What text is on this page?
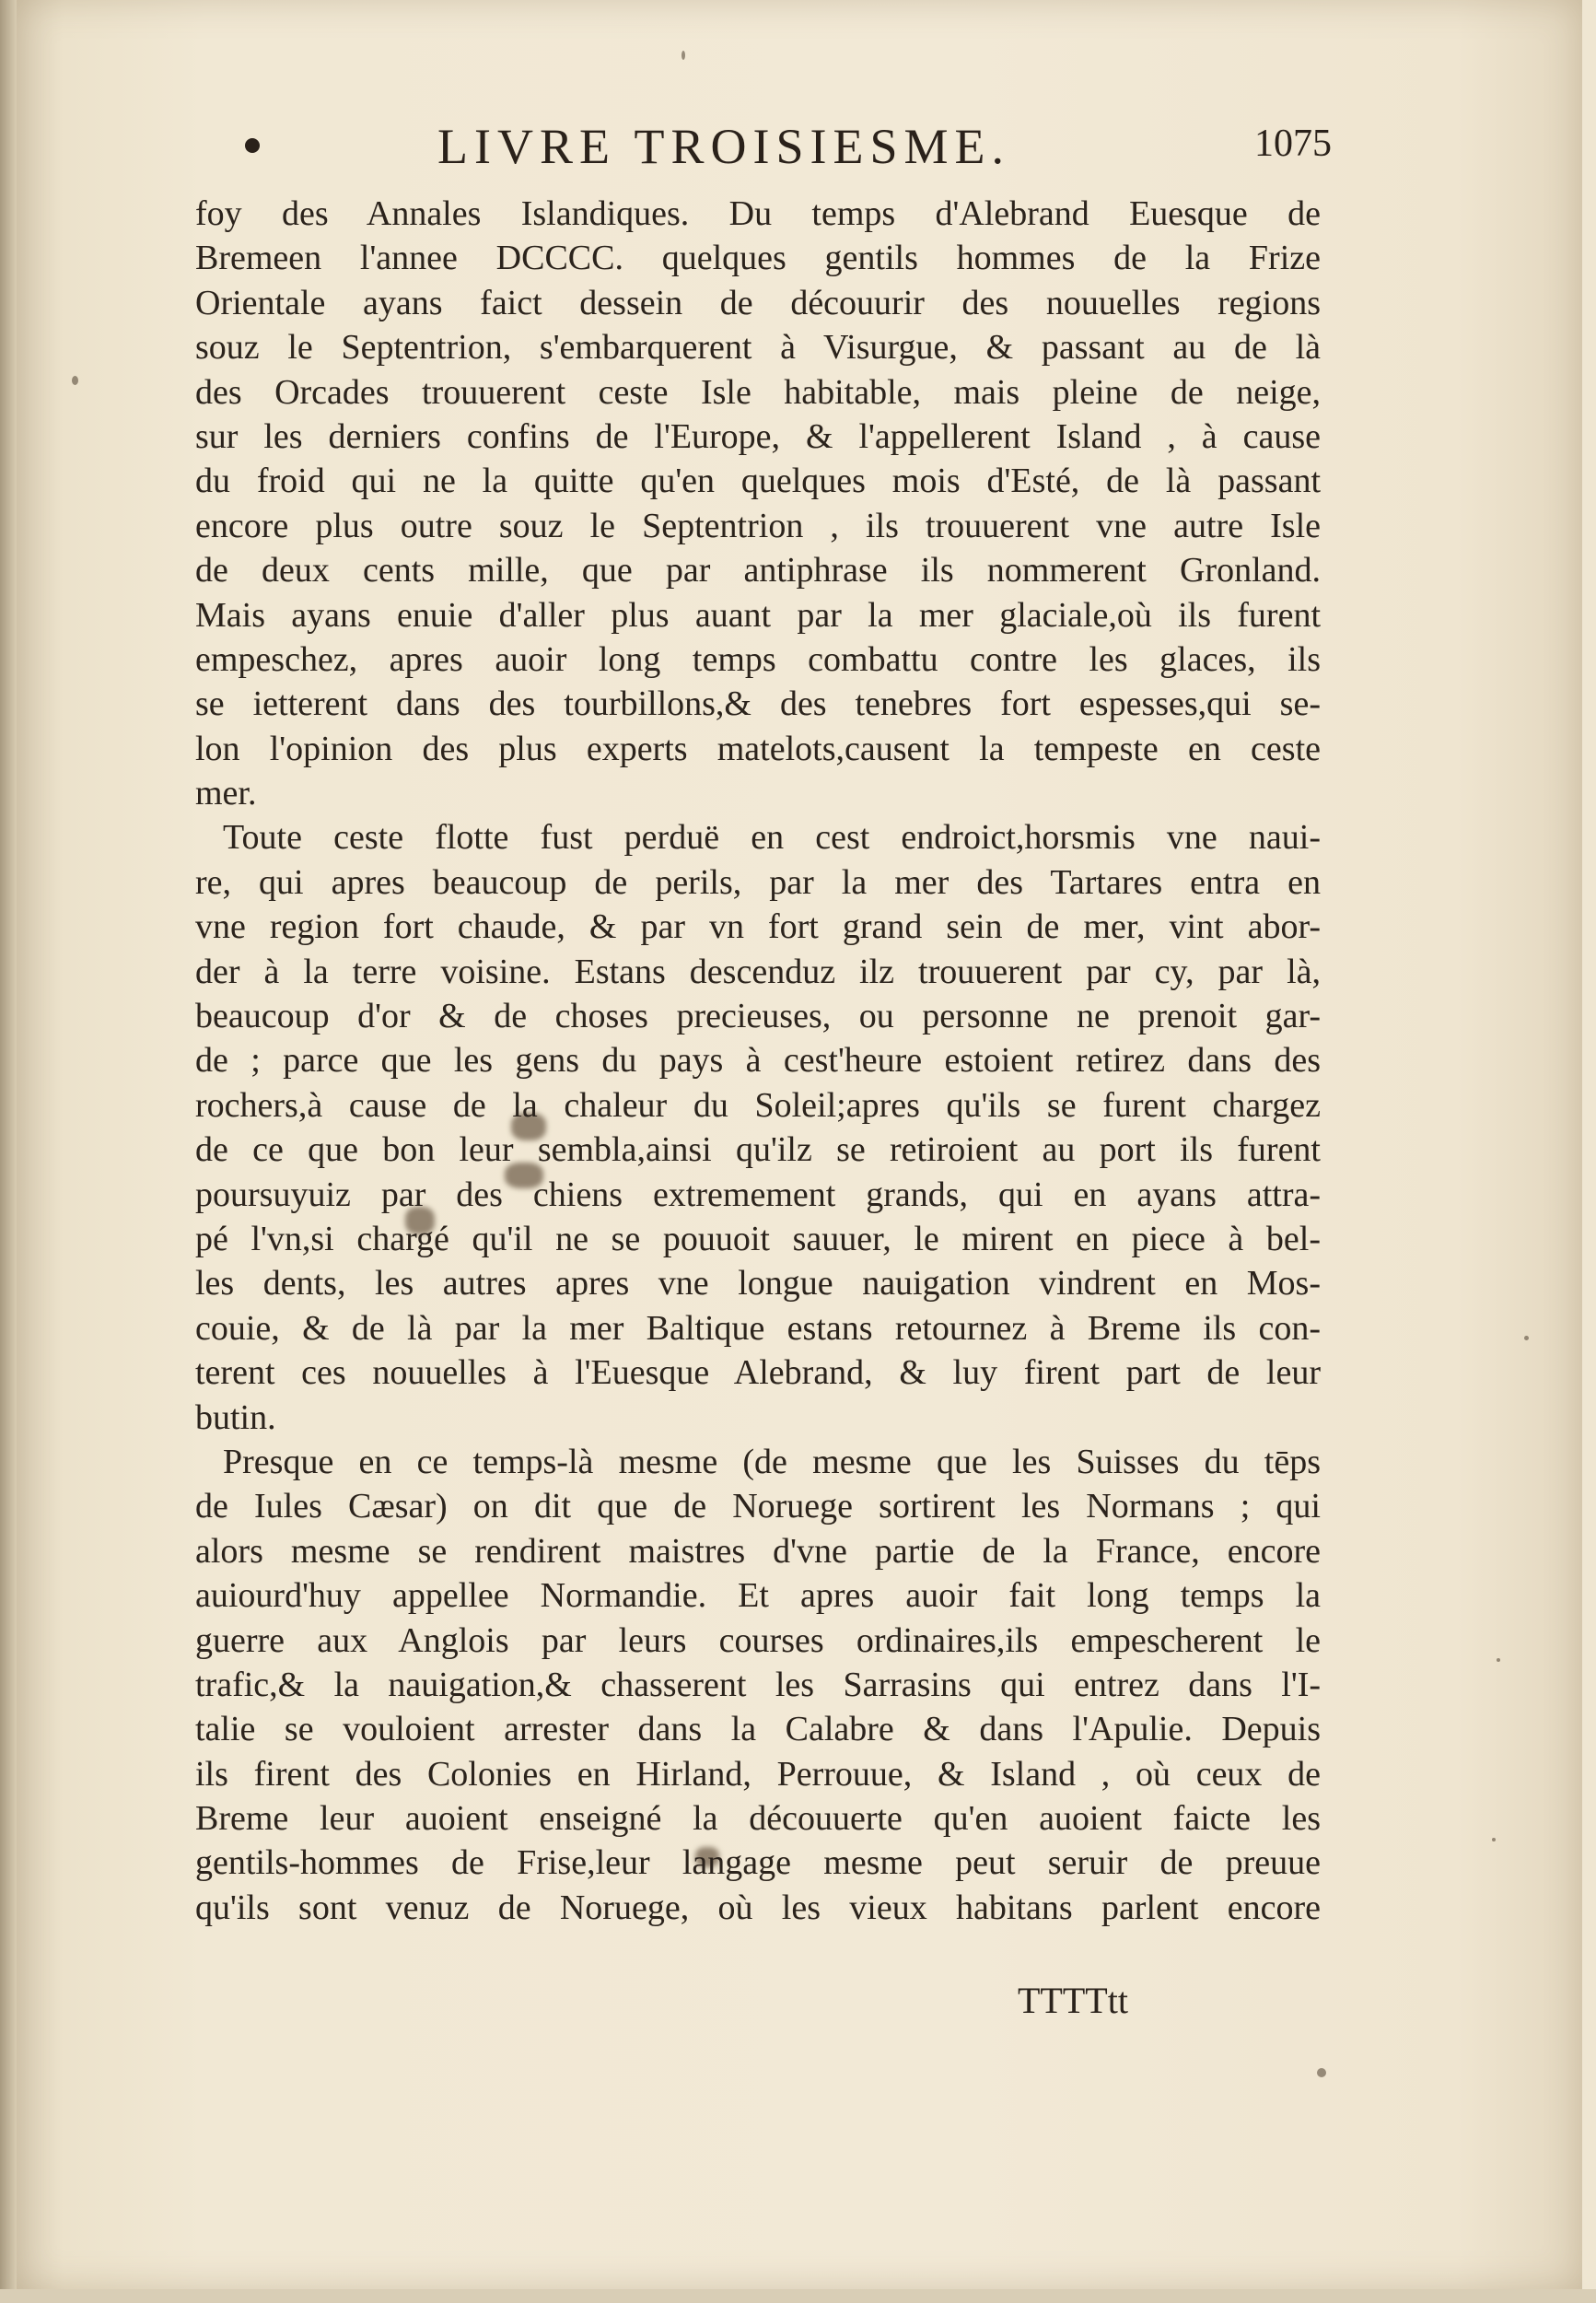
LIVRE TROISIESME.	1075
foy des Annales Islandiques. Du temps d'Alebrand Euesque de
Bremeen l'annee DCCCC. quelques gentils hommes de la Frize
Orientale ayans faict dessein de découurir des nouuelles regions
souz le Septentrion, s'embarquerent à Visurgue, & passant au de là
des Orcades trouuerent ceste Isle habitable, mais pleine de neige,
sur les derniers confins de l'Europe, & l'appellerent Island , à cause
du froid qui ne la quitte qu'en quelques mois d'Esté, de là passant
encore plus outre souz le Septentrion , ils trouuerent vne autre Isle
de deux cents mille, que par antiphrase ils nommerent Gronland.
Mais ayans enuie d'aller plus auant par la mer glaciale,où ils furent
empeschez, apres auoir long temps combattu contre les glaces, ils
se ietterent dans des tourbillons,& des tenebres fort espesses,qui se-
lon l'opinion des plus experts matelots,causent la tempeste en ceste
mer.
Toute ceste flotte fust perduë en cest endroict,horsmis vne naui-
re, qui apres beaucoup de perils, par la mer des Tartares entra en
vne region fort chaude, & par vn fort grand sein de mer, vint abor-
der à la terre voisine. Estans descenduz ilz trouuerent par cy, par là,
beaucoup d'or & de choses precieuses, ou personne ne prenoit gar-
de ; parce que les gens du pays à cest'heure estoient retirez dans des
rochers,à cause de la chaleur du Soleil;apres qu'ils se furent chargez
de ce que bon leur sembla,ainsi qu'ilz se retiroient au port ils furent
poursuyuiz par des chiens extremement grands, qui en ayans attra-
pé l'vn,si chargé qu'il ne se pouuoit sauuer, le mirent en piece à bel-
les dents, les autres apres vne longue nauigation vindrent en Mos-
couie, & de là par la mer Baltique estans retournez à Breme ils con-
terent ces nouuelles à l'Euesque Alebrand, & luy firent part de leur
butin.
Presque en ce temps-là mesme (de mesme que les Suisses du tēps
de Iules Cæsar) on dit que de Noruege sortirent les Normans ; qui
alors mesme se rendirent maistres d'vne partie de la France, encore
auiourd'huy appellee Normandie. Et apres auoir fait long temps la
guerre aux Anglois par leurs courses ordinaires,ils empescherent le
trafic,& la nauigation,& chasserent les Sarrasins qui entrez dans l'I-
talie se vouloient arrester dans la Calabre & dans l'Apulie. Depuis
ils firent des Colonies en Hirland, Perrouue, & Island , où ceux de
Breme leur auoient enseigné la découuerte qu'en auoient faicte les
gentils-hommes de Frise,leur langage mesme peut seruir de preuue
qu'ils sont venuz de Noruege, où les vieux habitans parlent encore
TTTTtt
